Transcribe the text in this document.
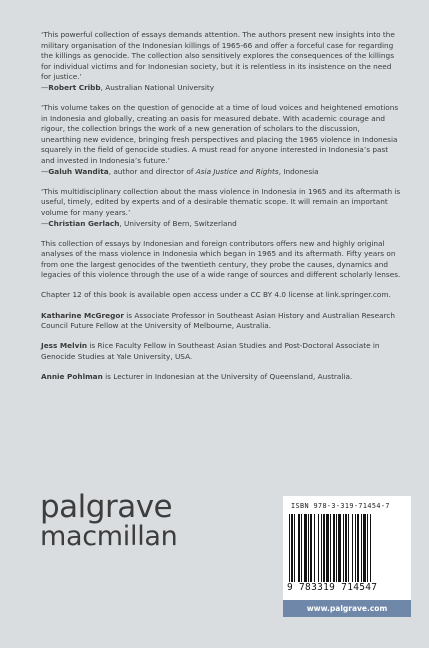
‘This powerful collection of essays demands attention. The authors present new insights into the military organisation of the Indonesian killings of 1965-66 and offer a forceful case for regarding the killings as genocide. The collection also sensitively explores the consequences of the killings for individual victims and for Indonesian society, but it is relentless in its insistence on the need for justice.’
—Robert Cribb, Australian National University

‘This volume takes on the question of genocide at a time of loud voices and heightened emotions in Indonesia and globally, creating an oasis for measured debate. With academic courage and rigour, the collection brings the work of a new generation of scholars to the discussion, unearthing new evidence, bringing fresh perspectives and placing the 1965 violence in Indonesia squarely in the field of genocide studies. A must read for anyone interested in Indonesia’s past and invested in Indonesia’s future.’
—Galuh Wandita, author and director of Asia Justice and Rights, Indonesia

‘This multidisciplinary collection about the mass violence in Indonesia in 1965 and its aftermath is useful, timely, edited by experts and of a desirable thematic scope. It will remain an important volume for many years.’
—Christian Gerlach, University of Bern, Switzerland

This collection of essays by Indonesian and foreign contributors offers new and highly original analyses of the mass violence in Indonesia which began in 1965 and its aftermath. Fifty years on from one the largest genocides of the twentieth century, they probe the causes, dynamics and legacies of this violence through the use of a wide range of sources and different scholarly lenses.

Chapter 12 of this book is available open access under a CC BY 4.0 license at link.springer.com.

Katharine McGregor is Associate Professor in Southeast Asian History and Australian Research Council Future Fellow at the University of Melbourne, Australia.

Jess Melvin is Rice Faculty Fellow in Southeast Asian Studies and Post-Doctoral Associate in Genocide Studies at Yale University, USA.

Annie Pohlman is Lecturer in Indonesian at the University of Queensland, Australia.

palgrave
macmillan
ISBN 978-3-319-71454-7
9 783319 714547
www.palgrave.com
